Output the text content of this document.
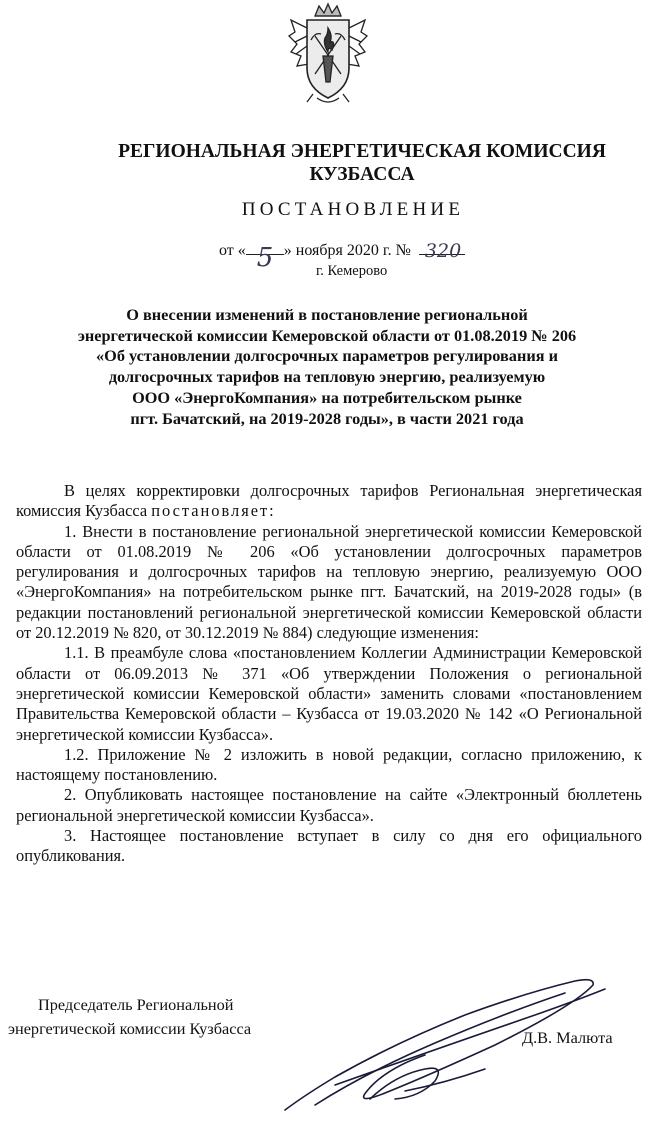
РЕГИОНАЛЬНАЯ ЭНЕРГЕТИЧЕСКАЯ КОМИССИЯ
КУЗБАССА
ПОСТАНОВЛЕНИЕ
от « 5 » ноября 2020 г. № 320
г. Кемерово
О внесении изменений в постановление региональной
энергетической комиссии Кемеровской области от 01.08.2019 № 206
«Об установлении долгосрочных параметров регулирования и
долгосрочных тарифов на тепловую энергию, реализуемую
ООО «ЭнергоКомпания» на потребительском рынке
пгт. Бачатский, на 2019-2028 годы», в части 2021 года
В целях корректировки долгосрочных тарифов Региональная энергетическая комиссия Кузбасса постановляет:
1. Внести в постановление региональной энергетической комиссии Кемеровской области от 01.08.2019 № 206 «Об установлении долгосрочных параметров регулирования и долгосрочных тарифов на тепловую энергию, реализуемую ООО «ЭнергоКомпания» на потребительском рынке пгт. Бачатский, на 2019-2028 годы» (в редакции постановлений региональной энергетической комиссии Кемеровской области от 20.12.2019 № 820, от 30.12.2019 № 884) следующие изменения:
1.1. В преамбуле слова «постановлением Коллегии Администрации Кемеровской области от 06.09.2013 № 371 «Об утверждении Положения о региональной энергетической комиссии Кемеровской области» заменить словами «постановлением Правительства Кемеровской области – Кузбасса от 19.03.2020 № 142 «О Региональной энергетической комиссии Кузбасса».
1.2. Приложение № 2 изложить в новой редакции, согласно приложению, к настоящему постановлению.
2. Опубликовать настоящее постановление на сайте «Электронный бюллетень региональной энергетической комиссии Кузбасса».
3. Настоящее постановление вступает в силу со дня его официального опубликования.
Председатель Региональной
энергетической комиссии Кузбасса	Д.В. Малюта
